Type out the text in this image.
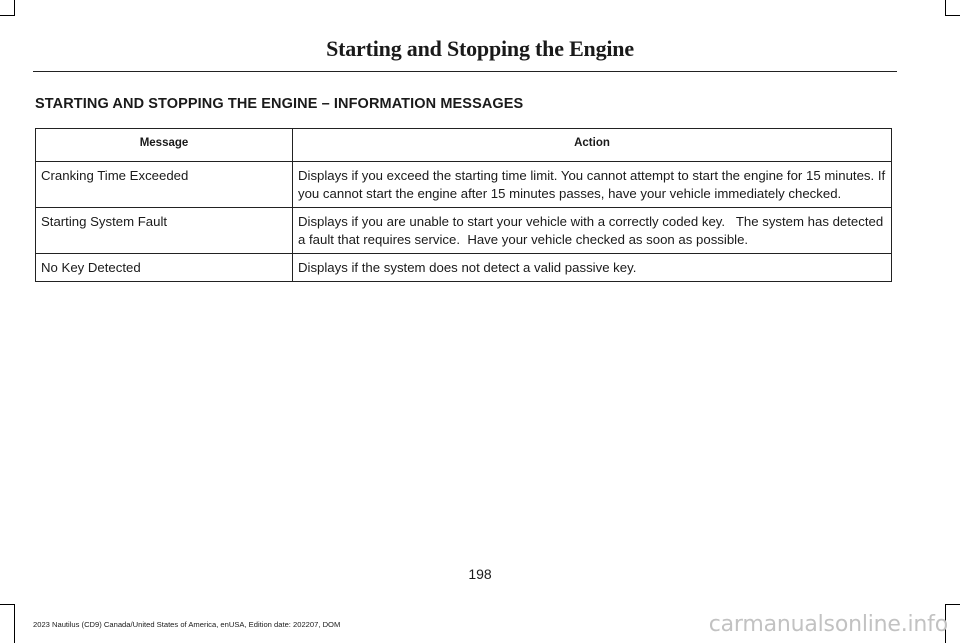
Starting and Stopping the Engine
STARTING AND STOPPING THE ENGINE – INFORMATION MESSAGES
Message	Action
Cranking Time Exceeded	Displays if you exceed the starting time limit. You cannot attempt to start the engine for 15 minutes. If you cannot start the engine after 15 minutes passes, have your vehicle immediately checked.
Starting System Fault	Displays if you are unable to start your vehicle with a correctly coded key.   The system has detected a fault that requires service.  Have your vehicle checked as soon as possible.
No Key Detected	Displays if the system does not detect a valid passive key.
198
2023 Nautilus (CD9) Canada/United States of America, enUSA, Edition date: 202207, DOM	carmanualsonline.info
